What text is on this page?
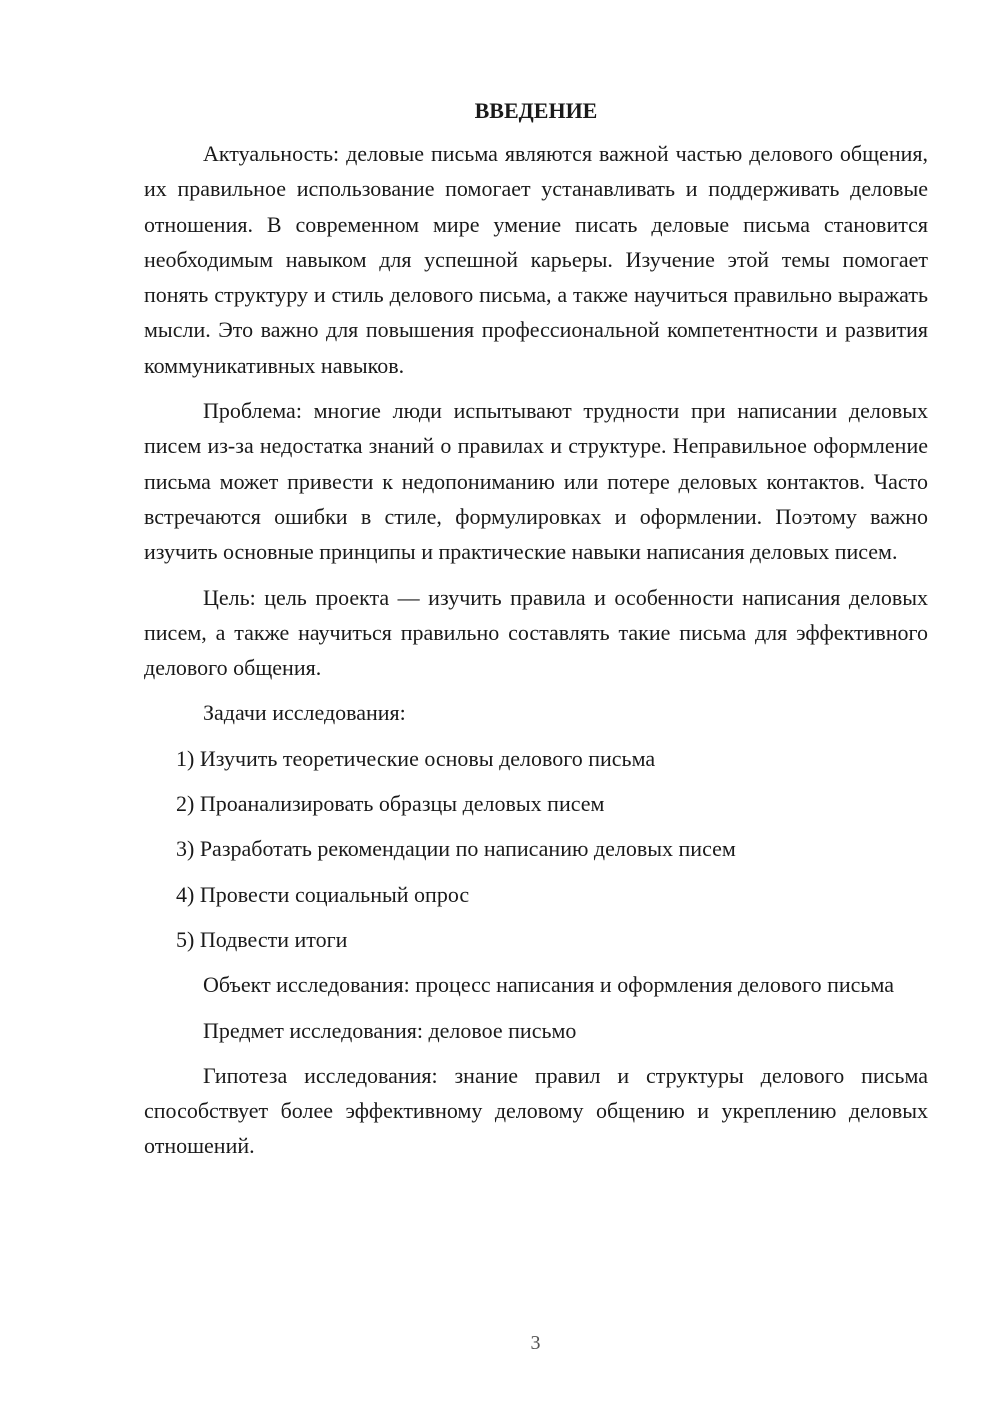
ВВЕДЕНИЕ

Актуальность: деловые письма являются важной частью делового общения, их правильное использование помогает устанавливать и поддерживать деловые отношения. В современном мире умение писать деловые письма становится необходимым навыком для успешной карьеры. Изучение этой темы помогает понять структуру и стиль делового письма, а также научиться правильно выражать мысли. Это важно для повышения профессиональной компетентности и развития коммуникативных навыков.

Проблема: многие люди испытывают трудности при написании деловых писем из-за недостатка знаний о правилах и структуре. Неправильное оформление письма может привести к недопониманию или потере деловых контактов. Часто встречаются ошибки в стиле, формулировках и оформлении. Поэтому важно изучить основные принципы и практические навыки написания деловых писем.

Цель: цель проекта — изучить правила и особенности написания деловых писем, а также научиться правильно составлять такие письма для эффективного делового общения.

Задачи исследования:

1) Изучить теоретические основы делового письма
2) Проанализировать образцы деловых писем
3) Разработать рекомендации по написанию деловых писем
4) Провести социальный опрос
5) Подвести итоги

Объект исследования: процесс написания и оформления делового письма

Предмет исследования: деловое письмо

Гипотеза исследования: знание правил и структуры делового письма способствует более эффективному деловому общению и укреплению деловых отношений.

3
